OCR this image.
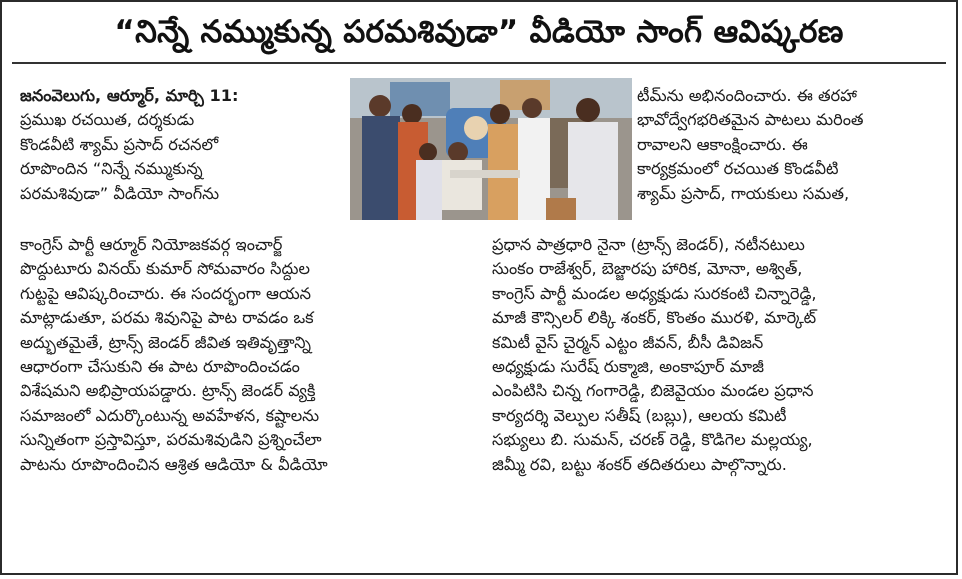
“నిన్నే నమ్ముకున్న పరమశివుడా” వీడియో సాంగ్ ఆవిష్కరణ
జనంవెలుగు, ఆర్మూర్, మార్చి 11:
ప్రముఖ రచయిత, దర్శకుడు
కొండవీటి శ్యామ్ ప్రసాద్ రచనలో
రూపొందిన “నిన్నే నమ్ముకున్న
పరమశివుడా” వీడియో సాంగ్‌ను
టీమ్‌ను అభినందించారు. ఈ తరహా
భావోద్వేగభరితమైన పాటలు మరింత
రావాలని ఆకాంక్షించారు. ఈ
కార్యక్రమంలో రచయిత కొండవీటి
శ్యామ్ ప్రసాద్, గాయకులు సమత,
కాంగ్రెస్ పార్టీ ఆర్మూర్ నియోజకవర్గ ఇంచార్జ్
పొద్దుటూరు వినయ్ కుమార్ సోమవారం సిద్దుల
గుట్టపై ఆవిష్కరించారు. ఈ సందర్భంగా ఆయన
మాట్లాడుతూ, పరమ శివునిపై పాట రావడం ఒక
అద్భుతమైతే, ట్రాన్స్ జెండర్ జీవిత ఇతివృత్తాన్ని
ఆధారంగా చేసుకుని ఈ పాట రూపొందించడం
విశేషమని అభిప్రాయపడ్డారు. ట్రాన్స్ జెండర్ వ్యక్తి
సమాజంలో ఎదుర్కొంటున్న అవహేళన, కష్టాలను
సున్నితంగా ప్రస్తావిస్తూ, పరమశివుడిని ప్రశ్నించేలా
పాటను రూపొందించిన ఆశ్రిత ఆడియో & వీడియో
ప్రధాన పాత్రధారి నైనా (ట్రాన్స్ జెండర్), నటీనటులు
సుంకం రాజేశ్వర్, బెజ్జారపు హారిక, మోనా, అశ్విత్,
కాంగ్రెస్ పార్టీ మండల అధ్యక్షుడు సురకంటి చిన్నారెడ్డి,
మాజీ కౌన్సిలర్ లిక్కి శంకర్, కొంతం మురళి, మార్కెట్
కమిటీ వైస్ చైర్మన్ ఎట్టం జీవన్, బీసీ డివిజన్
అధ్యక్షుడు సురేష్ రుక్మాజి, అంకాపూర్ మాజీ
ఎంపిటిసి చిన్న గంగారెడ్డి, బిజెవైయం మండల ప్రధాన
కార్యదర్శి వెల్పుల సతీష్ (బబ్లు), ఆలయ కమిటీ
సభ్యులు బి. సుమన్, చరణ్ రెడ్డి, కొడిగెల మల్లయ్య,
జిమ్మీ రవి, బట్టు శంకర్ తదితరులు పాల్గొన్నారు.
